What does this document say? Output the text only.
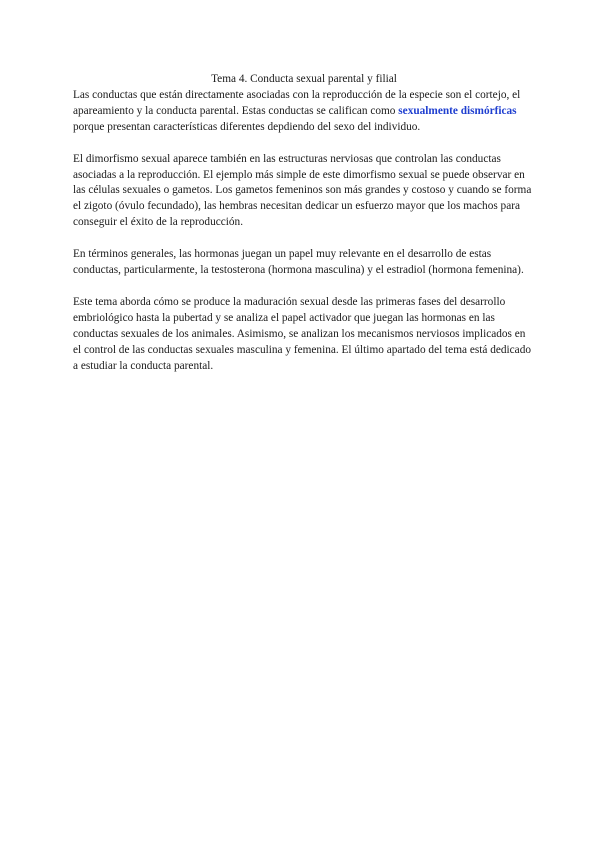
Tema 4. Conducta sexual parental y filial

Las conductas que están directamente asociadas con la reproducción de la especie son el cortejo, el apareamiento y la conducta parental. Estas conductas se califican como sexualmente dismórficas porque presentan características diferentes depdiendo del sexo del individuo.

El dimorfismo sexual aparece también en las estructuras nerviosas que controlan las conductas asociadas a la reproducción. El ejemplo más simple de este dimorfismo sexual se puede observar en las células sexuales o gametos. Los gametos femeninos son más grandes y costoso y cuando se forma el zigoto (óvulo fecundado), las hembras necesitan dedicar un esfuerzo mayor que los machos para conseguir el éxito de la reproducción.

En términos generales, las hormonas juegan un papel muy relevante en el desarrollo de estas conductas, particularmente, la testosterona (hormona masculina) y el estradiol (hormona femenina).

Este tema aborda cómo se produce la maduración sexual desde las primeras fases del desarrollo embriológico hasta la pubertad y se analiza el papel activador que juegan las hormonas en las conductas sexuales de los animales. Asimismo, se analizan los mecanismos nerviosos implicados en el control de las conductas sexuales masculina y femenina. El último apartado del tema está dedicado a estudiar la conducta parental.
